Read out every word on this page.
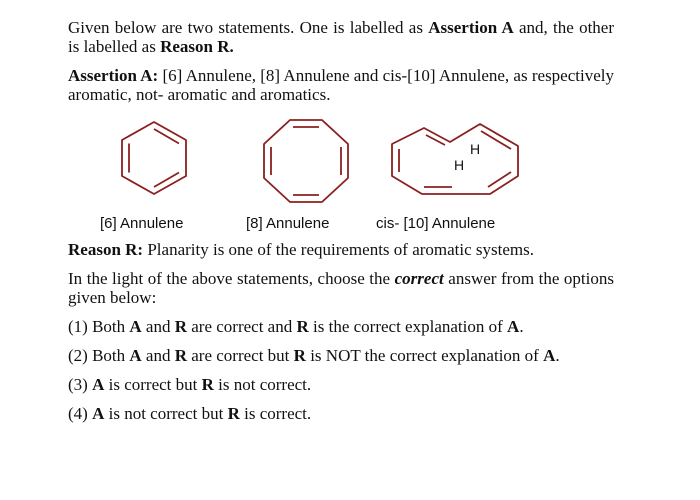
Given below are two statements. One is labelled as Assertion A and, the other is labelled as Reason R.

Assertion A: [6] Annulene, [8] Annulene and cis-[10] Annulene, as respectively aromatic, not- aromatic and aromatics.

[6] Annulene	[8] Annulene
H
H
cis- [10] Annulene

Reason R: Planarity is one of the requirements of aromatic systems.

In the light of the above statements, choose the correct answer from the options given below:

(1) Both A and R are correct and R is the correct explanation of A.

(2) Both A and R are correct but R is NOT the correct explanation of A.

(3) A is correct but R is not correct.

(4) A is not correct but R is correct.
